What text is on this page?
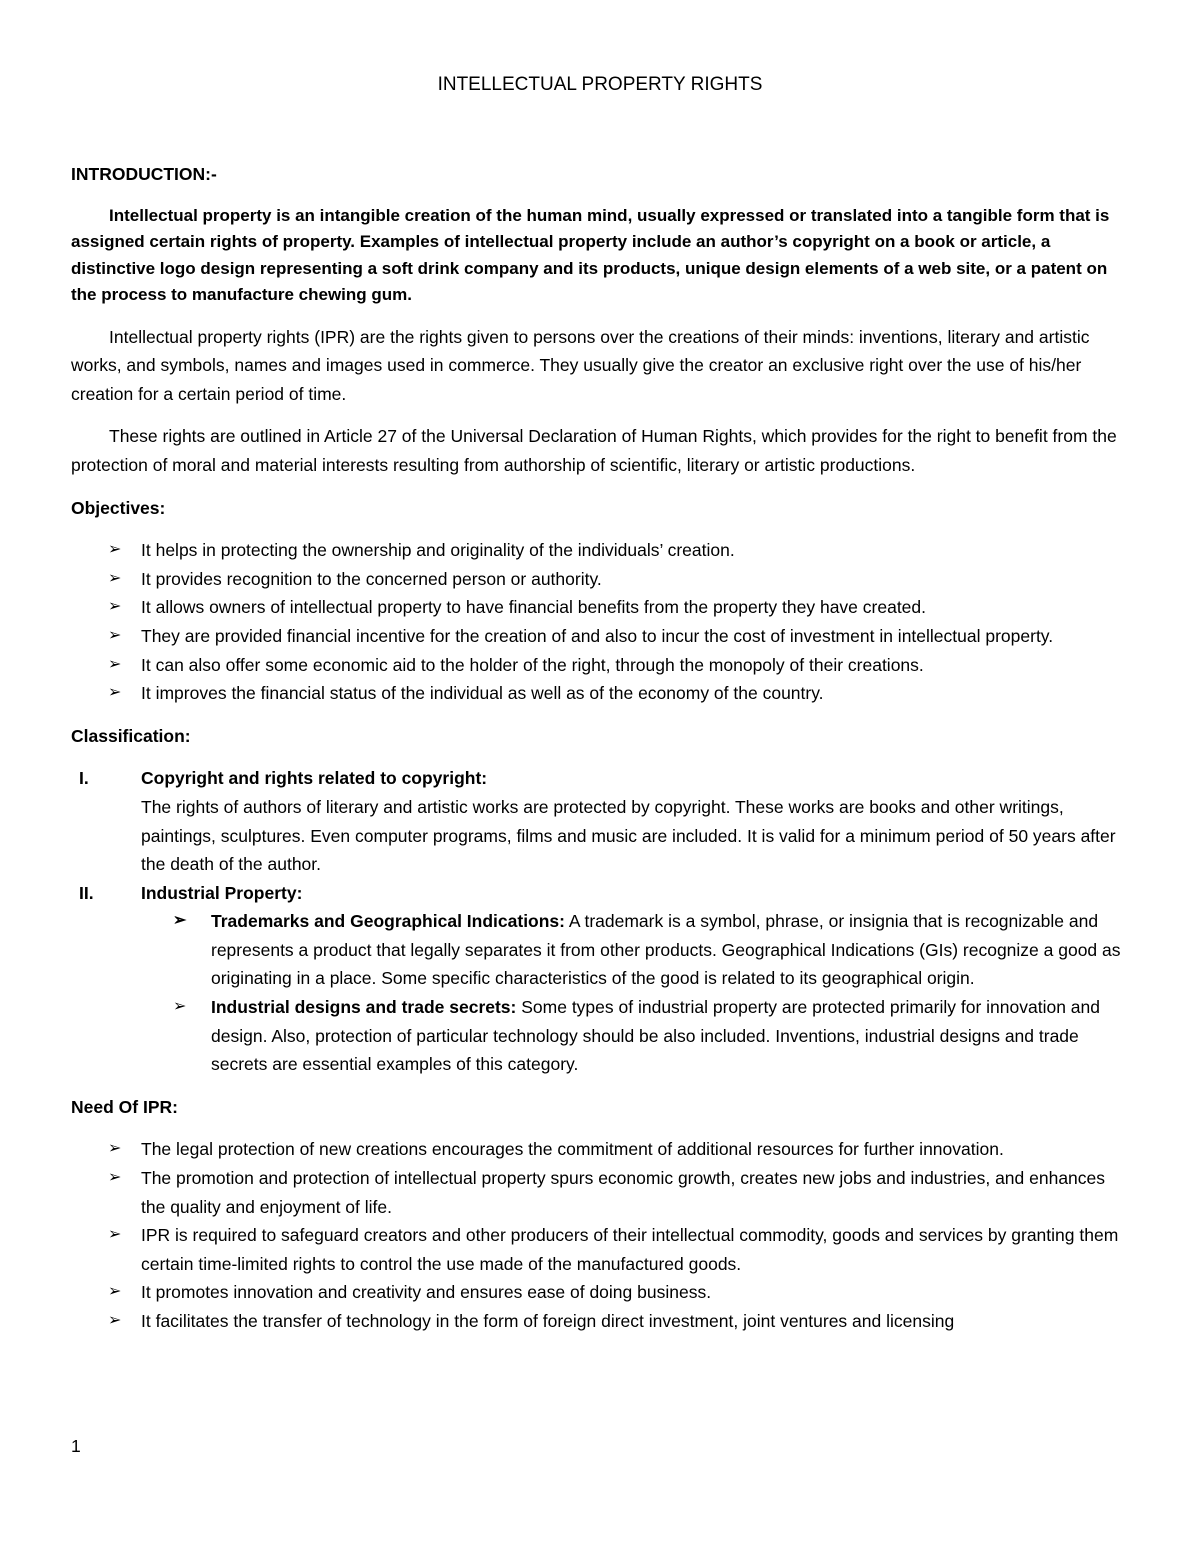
INTELLECTUAL PROPERTY RIGHTS

INTRODUCTION:-

Intellectual property is an intangible creation of the human mind, usually expressed or translated into a tangible form that is assigned certain rights of property. Examples of intellectual property include an author’s copyright on a book or article, a distinctive logo design representing a soft drink company and its products, unique design elements of a web site, or a patent on the process to manufacture chewing gum.

Intellectual property rights (IPR) are the rights given to persons over the creations of their minds: inventions, literary and artistic works, and symbols, names and images used in commerce. They usually give the creator an exclusive right over the use of his/her creation for a certain period of time.

These rights are outlined in Article 27 of the Universal Declaration of Human Rights, which provides for the right to benefit from the protection of moral and material interests resulting from authorship of scientific, literary or artistic productions.

Objectives:

➢ It helps in protecting the ownership and originality of the individuals’ creation.
➢ It provides recognition to the concerned person or authority.
➢ It allows owners of intellectual property to have financial benefits from the property they have created.
➢ They are provided financial incentive for the creation of and also to incur the cost of investment in intellectual property.
➢ It can also offer some economic aid to the holder of the right, through the monopoly of their creations.
➢ It improves the financial status of the individual as well as of the economy of the country.

Classification:

I.	Copyright and rights related to copyright:
The rights of authors of literary and artistic works are protected by copyright. These works are books and other writings, paintings, sculptures. Even computer programs, films and music are included. It is valid for a minimum period of 50 years after the death of the author.
II.	Industrial Property:
➢ Trademarks and Geographical Indications: A trademark is a symbol, phrase, or insignia that is recognizable and represents a product that legally separates it from other products. Geographical Indications (GIs) recognize a good as originating in a place. Some specific characteristics of the good is related to its geographical origin.
➢ Industrial designs and trade secrets: Some types of industrial property are protected primarily for innovation and design. Also, protection of particular technology should be also included. Inventions, industrial designs and trade secrets are essential examples of this category.

Need Of IPR:

➢ The legal protection of new creations encourages the commitment of additional resources for further innovation.
➢ The promotion and protection of intellectual property spurs economic growth, creates new jobs and industries, and enhances the quality and enjoyment of life.
➢ IPR is required to safeguard creators and other producers of their intellectual commodity, goods and services by granting them certain time-limited rights to control the use made of the manufactured goods.
➢ It promotes innovation and creativity and ensures ease of doing business.
➢ It facilitates the transfer of technology in the form of foreign direct investment, joint ventures and licensing
1
